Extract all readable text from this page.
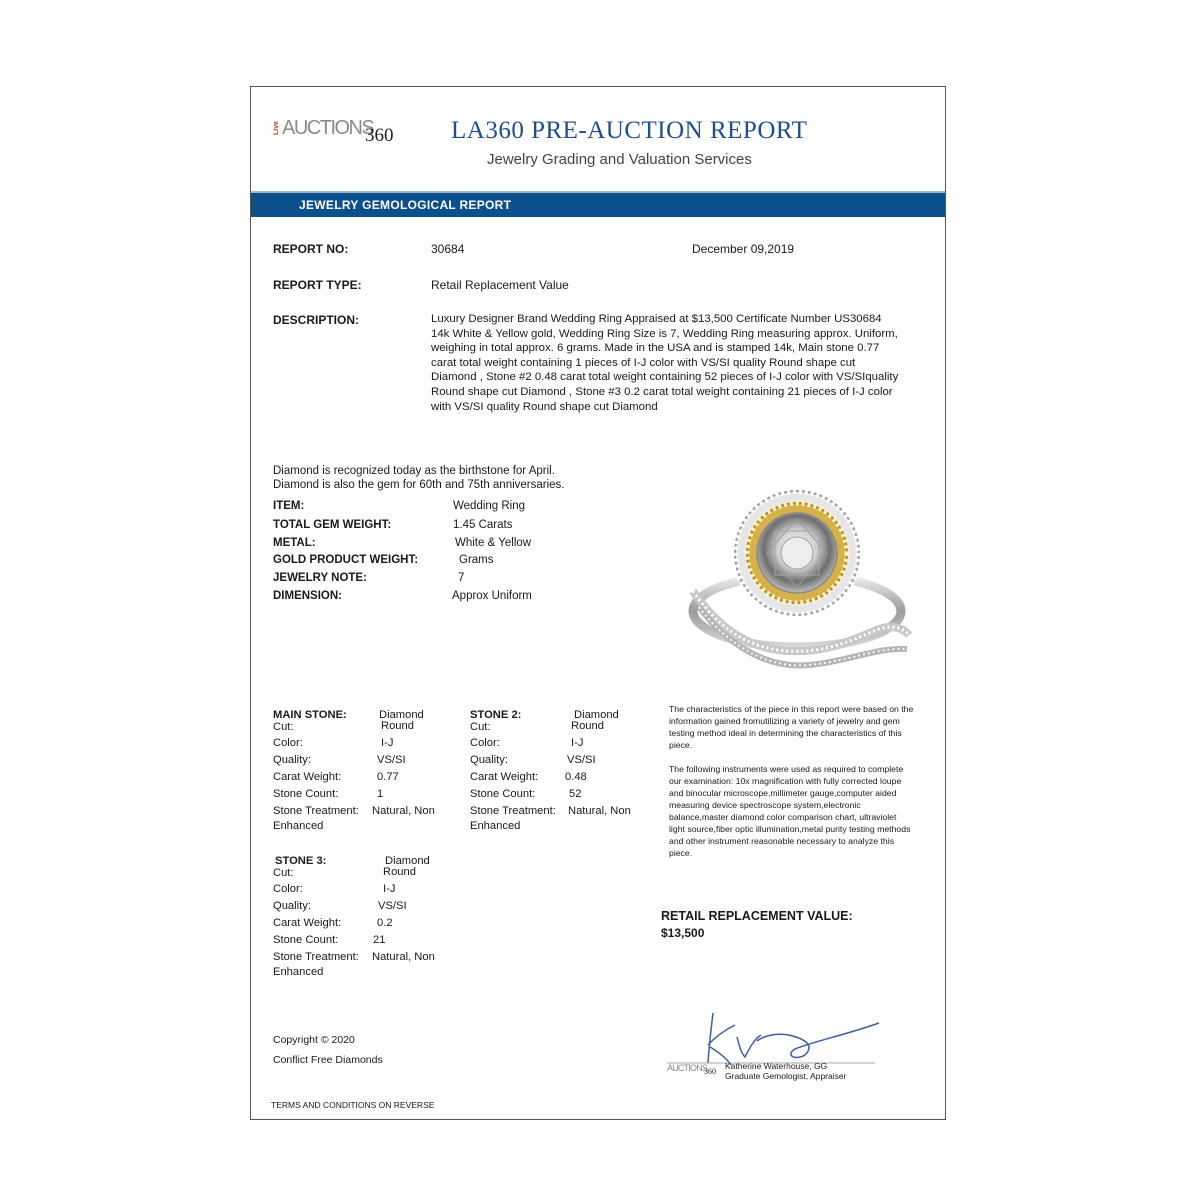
Live AUCTIONS
360 LA360 PRE-AUCTION REPORT
Jewelry Grading and Valuation Services
JEWELRY GEMOLOGICAL REPORT
REPORT NO:	30684	December 09,2019
REPORT TYPE:	Retail Replacement Value
DESCRIPTION:	Luxury Designer Brand Wedding Ring Appraised at $13,500 Certificate Number US30684 14k White & Yellow gold, Wedding Ring Size is 7, Wedding Ring measuring approx. Uniform, weighing in total approx. 6 grams. Made in the USA and is stamped 14k, Main stone 0.77 carat total weight containing 1 pieces of I-J color with VS/SI quality Round shape cut Diamond , Stone #2 0.48 carat total weight containing 52 pieces of I-J color with VS/SIquality Round shape cut Diamond , Stone #3 0.2 carat total weight containing 21 pieces of I-J color with VS/SI quality Round shape cut Diamond
Diamond is recognized today as the birthstone for April.
Diamond is also the gem for 60th and 75th anniversaries.
ITEM:	Wedding Ring
TOTAL GEM WEIGHT:	1.45 Carats
METAL:	White & Yellow
GOLD PRODUCT WEIGHT:	Grams
JEWELRY NOTE:	7
DIMENSION:	Approx Uniform
MAIN STONE:
Cut:
Diamond
Round
Color:	I-J
Quality:	VS/SI
Carat Weight:	0.77
Stone Count:	1
Stone Treatment: Natural, Non
Enhanced
STONE 2:
Cut:
Diamond
Round
Color:	I-J
Quality:	VS/SI
Carat Weight: 0.48
Stone Count:	52
Stone Treatment: Natural, Non
Enhanced
STONE 3:
Cut:
Diamond
Round
Color:	I-J
Quality:	VS/SI
Carat Weight:	0.2
Stone Count:	21
Stone Treatment: Natural, Non
Enhanced
The characteristics of the piece in this report were based on the information gained fromutilizing a variety of jewelry and gem testing method ideal in determining the characteristics of this piece.
The following instruments were used as required to complete our examination: 10x magnification with fully corrected loupe and binocular microscope,millimeter gauge,computer aided measuring device spectroscope system,electronic balance,master diamond color comparison chart, ultraviolet light source,fiber optic illumination,metal purity testing methods and other instrument reasonable necessary to analyze this piece.
RETAIL REPLACEMENT VALUE:
$13,500
Copyright © 2020
Conflict Free Diamonds
AUCTIONS
360
Katherine Waterhouse, GG
Graduate Gemologist, Appraiser
TERMS AND CONDITIONS ON REVERSE
